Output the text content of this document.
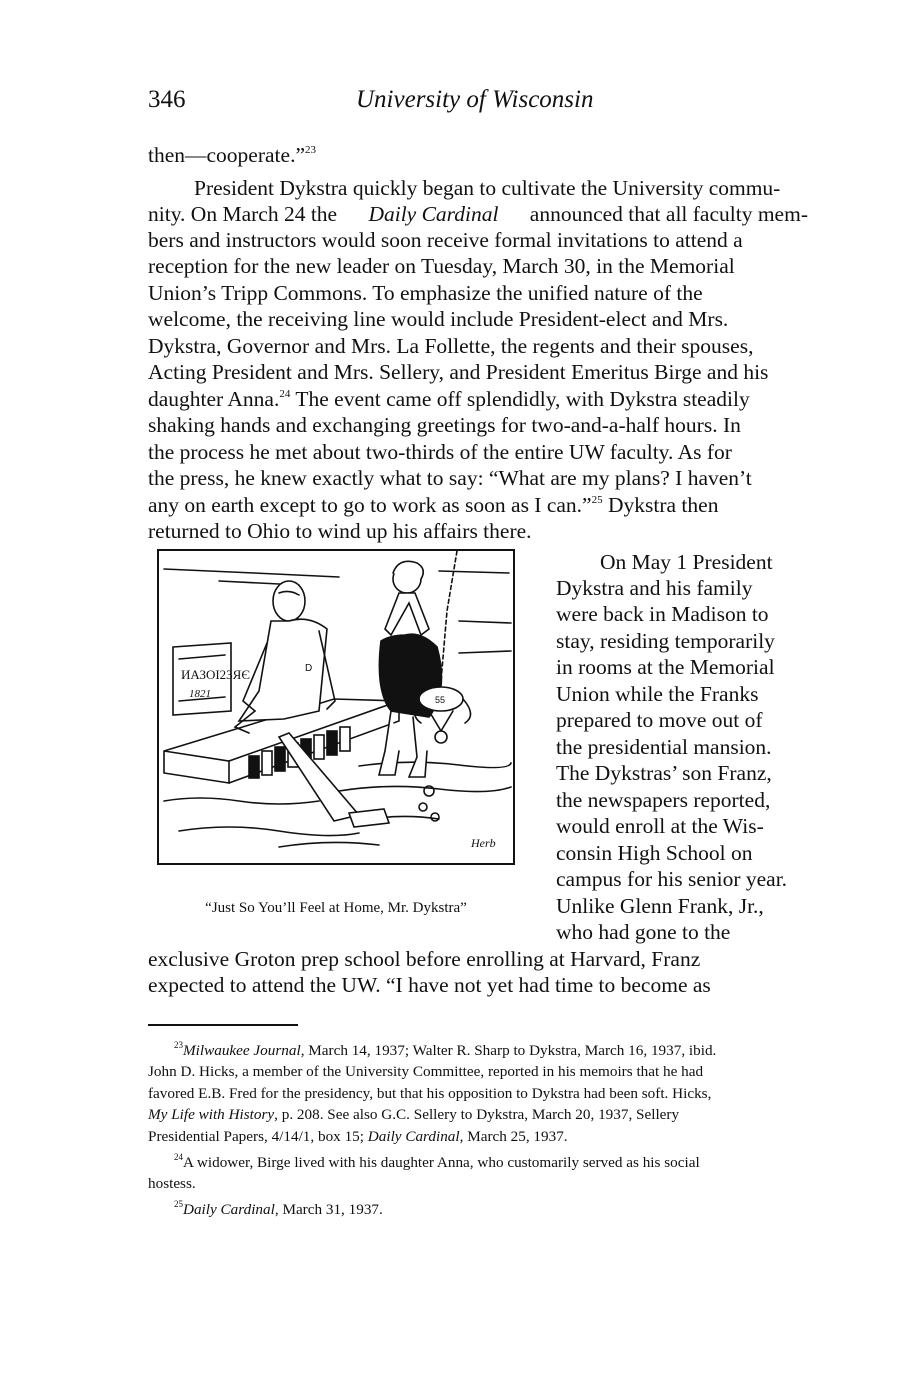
346	University of Wisconsin
then—cooperate.”$^{23}$
President Dykstra quickly began to cultivate the University commu-
nity. On March 24 the Daily Cardinal announced that all faculty mem-
bers and instructors would soon receive formal invitations to attend a
reception for the new leader on Tuesday, March 30, in the Memorial
Union’s Tripp Commons. To emphasize the unified nature of the
welcome, the receiving line would include President-elect and Mrs.
Dykstra, Governor and Mrs. La Follette, the regents and their spouses,
Acting President and Mrs. Sellery, and President Emeritus Birge and his
daughter Anna.$^{24}$ The event came off splendidly, with Dykstra steadily
shaking hands and exchanging greetings for two-and-a-half hours. In
the process he met about two-thirds of the entire UW faculty. As for
the press, he knew exactly what to say: “What are my plans? I haven’t
any on earth except to go to work as soon as I can.”$^{25}$ Dykstra then
returned to Ohio to wind up his affairs there.
On May 1 President
Dykstra and his family
were back in Madison to
stay, residing temporarily
in rooms at the Memorial
Union while the Franks
prepared to move out of
the presidential mansion.
The Dykstras’ son Franz,
the newspapers reported,
would enroll at the Wis-
consin High School on
campus for his senior year.
Unlike Glenn Frank, Jr.,
who had gone to the
exclusive Groton prep school before enrolling at Harvard, Franz
expected to attend the UW. “I have not yet had time to become as
ИАЗОІ23ЯЄ
1821
D
55
Herb
“Just So You’ll Feel at Home, Mr. Dykstra”
$^{23}$Milwaukee Journal, March 14, 1937; Walter R. Sharp to Dykstra, March 16, 1937, ibid.
John D. Hicks, a member of the University Committee, reported in his memoirs that he had
favored E.B. Fred for the presidency, but that his opposition to Dykstra had been soft. Hicks,
My Life with History, p. 208. See also G.C. Sellery to Dykstra, March 20, 1937, Sellery
Presidential Papers, 4/14/1, box 15; Daily Cardinal, March 25, 1937.
$^{24}$A widower, Birge lived with his daughter Anna, who customarily served as his social
hostess.
$^{25}$Daily Cardinal, March 31, 1937.
